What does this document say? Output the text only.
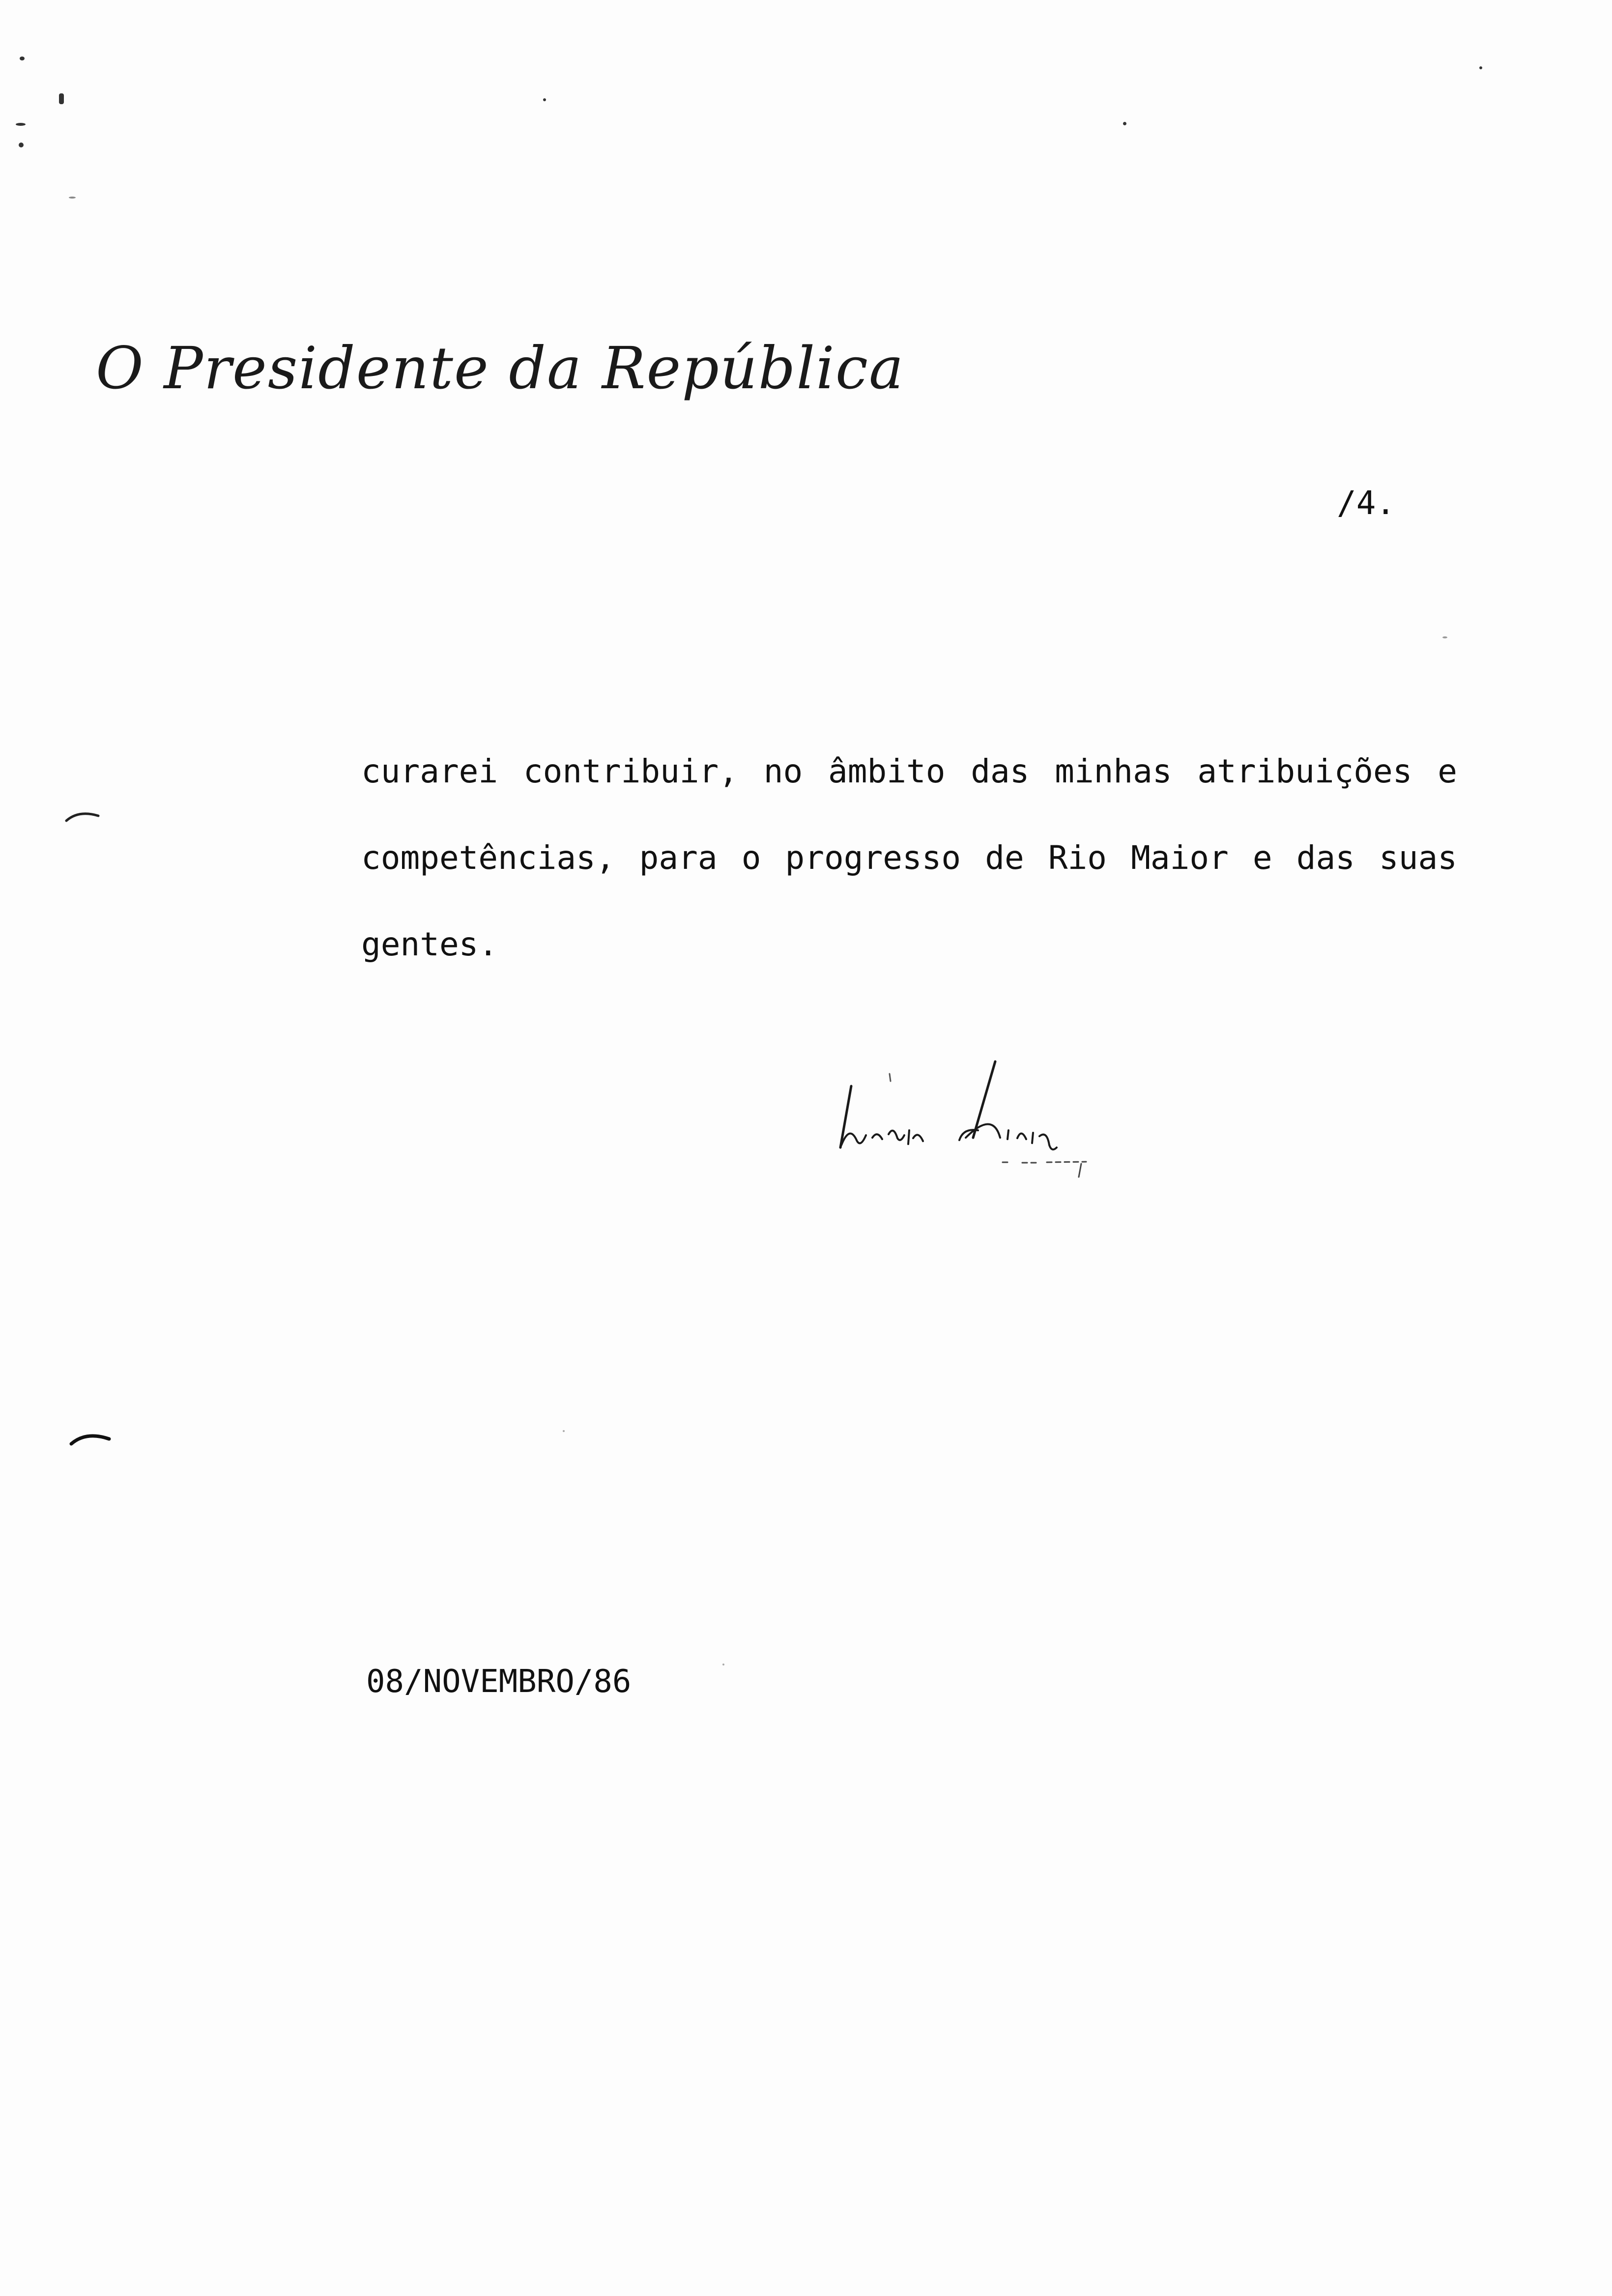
O Presidente da República
/4.
curarei contribuir, no âmbito das minhas atribuições e
competências, para o progresso de Rio Maior e das suas
gentes.
08/NOVEMBRO/86
